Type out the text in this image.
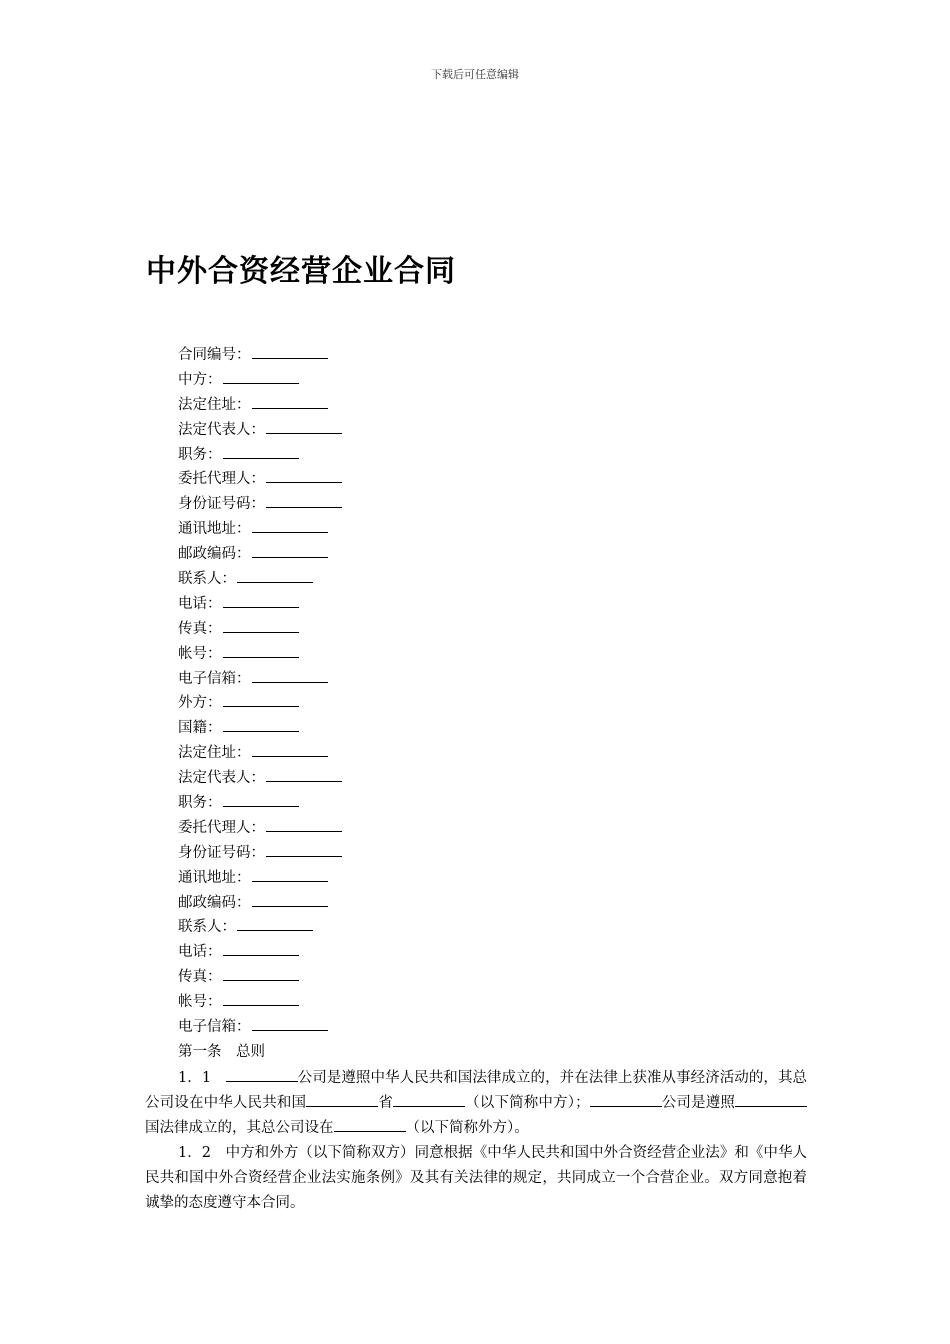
下载后可任意编辑
中外合资经营企业合同
合同编号：
中方：
法定住址：
法定代表人：
职务：
委托代理人：
身份证号码：
通讯地址：
邮政编码：
联系人：
电话：
传真：
帐号：
电子信箱：
外方：
国籍：
法定住址：
法定代表人：
职务：
委托代理人：
身份证号码：
通讯地址：
邮政编码：
联系人：
电话：
传真：
帐号：
电子信箱：
第一条　总则

1．1　	公司是遵照中华人民共和国法律成立的，并在法律上获准从事经济活动的，其总公司设在中华人民共和国	省	（以下简称中方）；	公司是遵照国法律成立的，其总公司设在	（以下简称外方）。

1．2　中方和外方（以下简称双方）同意根据《中华人民共和国中外合资经营企业法》和《中华人民共和国中外合资经营企业法实施条例》及其有关法律的规定，共同成立一个合营企业。双方同意抱着诚挚的态度遵守本合同。
